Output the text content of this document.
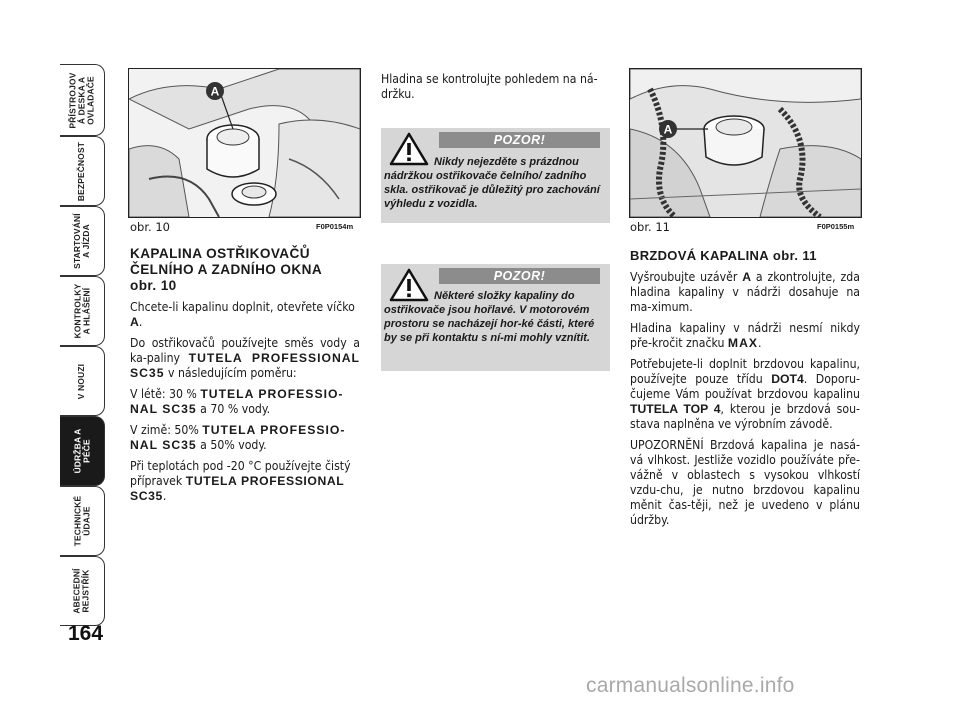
PŘÍSTROJOV
Á DESKA A
OVLADAČE
BEZPEČNOST
STARTOVÁNÍ
A JÍZDA
KONTROLKY
A HLÁŠENÍ
V NOUZI
ÚDRŽBA A
PÉČE
TECHNICKÉ
ÚDAJE
ABECEDNÍ
REJSTŘÍK
164
A
obr. 10	F0P0154m
KAPALINA OSTŘIKOVAČŮ
ČELNÍHO A ZADNÍHO OKNA
obr. 10

Chcete-li kapalinu doplnit, otevřete víčko A.

Do ostřikovačů používejte směs vody a ka-paliny TUTELA PROFESSIONAL SC35 v následujícím poměru:

V létě: 30 % TUTELA PROFESSIO-NAL SC35 a 70 % vody.

V zimě: 50% TUTELA PROFESSIO-NAL SC35 a 50% vody.

Při teplotách pod -20 °C používejte čistý přípravek TUTELA PROFESSIONAL SC35.

Hladina se kontrolujte pohledem na ná-držku.
POZOR!
Nikdy nejezděte s prázdnou nádržkou ostřikovače čelního/ zadního skla. ostřikovač je důležitý pro zachování výhledu z vozidla.
POZOR!
Některé složky kapaliny do ostřikovače jsou hořlavé. V motorovém prostoru se nacházejí hor-ké části, které by se při kontaktu s ní-mi mohly vznítit.
A
obr. 11	F0P0155m
BRZDOVÁ KAPALINA obr. 11

Vyšroubujte uzávěr A a zkontrolujte, zda hladina kapaliny v nádrži dosahuje na ma-ximum.

Hladina kapaliny v nádrži nesmí nikdy pře-kročit značku MAX.

Potřebujete-li doplnit brzdovou kapalinu, používejte pouze třídu DOT4. Doporu-čujeme Vám používat brzdovou kapalinu TUTELA TOP 4, kterou je brzdová sou-stava naplněna ve výrobním závodě.

UPOZORNĚNÍ Brzdová kapalina je nasá-vá vlhkost. Jestliže vozidlo používáte pře-vážně v oblastech s vysokou vlhkostí vzdu-chu, je nutno brzdovou kapalinu měnit čas-těji, než je uvedeno v plánu údržby.

carmanualsonline.info
